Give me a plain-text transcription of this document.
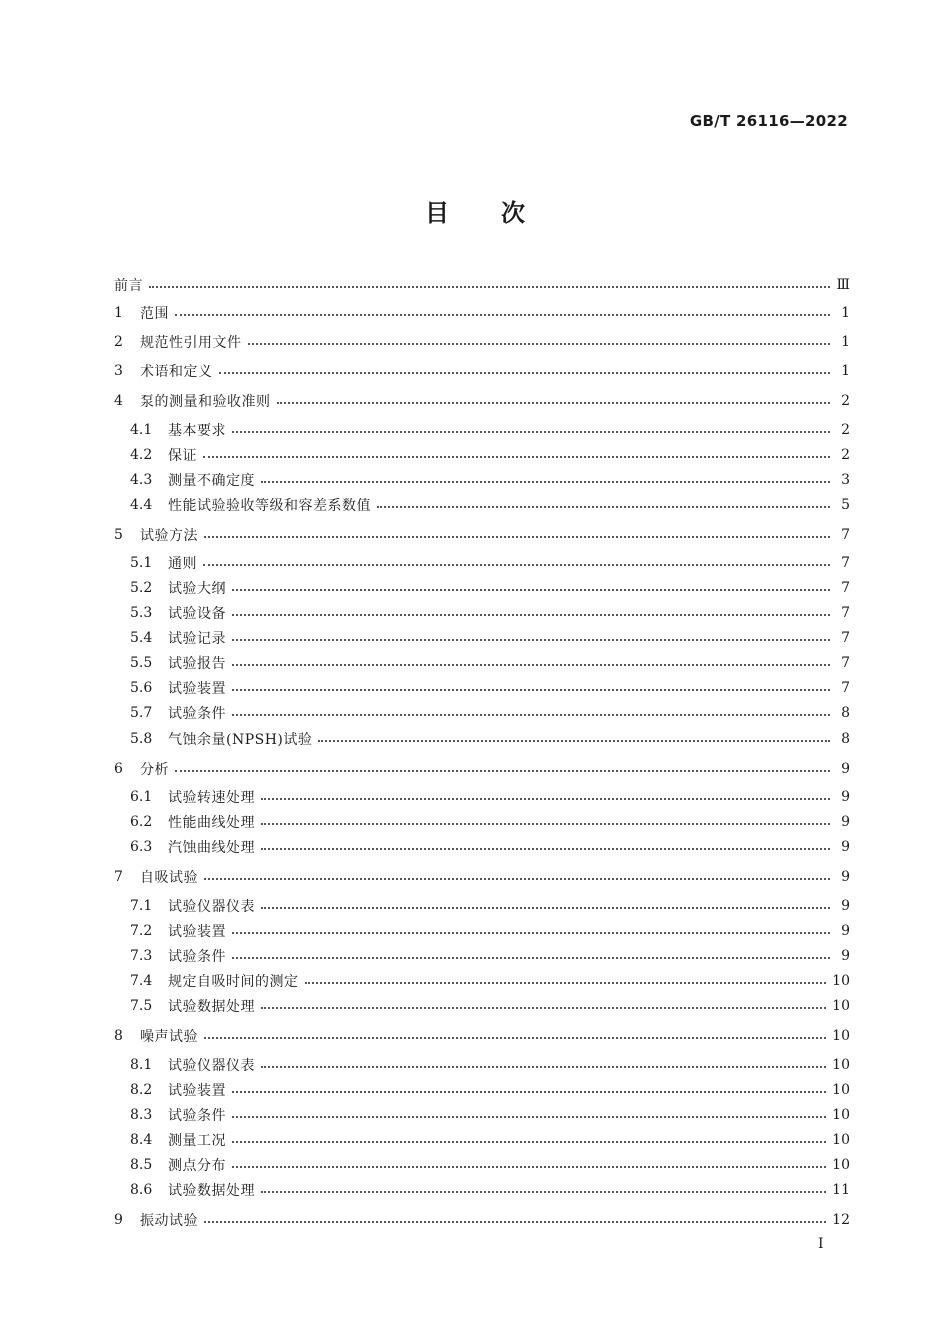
GB/T 26116—2022
目 次
前言	Ⅲ
1	范围	1
2	规范性引用文件	1
3	术语和定义	1
4	泵的测量和验收准则	2
4.1	基本要求	2
4.2	保证	2
4.3	测量不确定度	3
4.4	性能试验验收等级和容差系数值	5
5	试验方法	7
5.1	通则	7
5.2	试验大纲	7
5.3	试验设备	7
5.4	试验记录	7
5.5	试验报告	7
5.6	试验装置	7
5.7	试验条件	8
5.8	气蚀余量(NPSH)试验	8
6	分析	9
6.1	试验转速处理	9
6.2	性能曲线处理	9
6.3	汽蚀曲线处理	9
7	自吸试验	9
7.1	试验仪器仪表	9
7.2	试验装置	9
7.3	试验条件	9
7.4	规定自吸时间的测定	10
7.5	试验数据处理	10
8	噪声试验	10
8.1	试验仪器仪表	10
8.2	试验装置	10
8.3	试验条件	10
8.4	测量工况	10
8.5	测点分布	10
8.6	试验数据处理	11
9	振动试验	12
I
